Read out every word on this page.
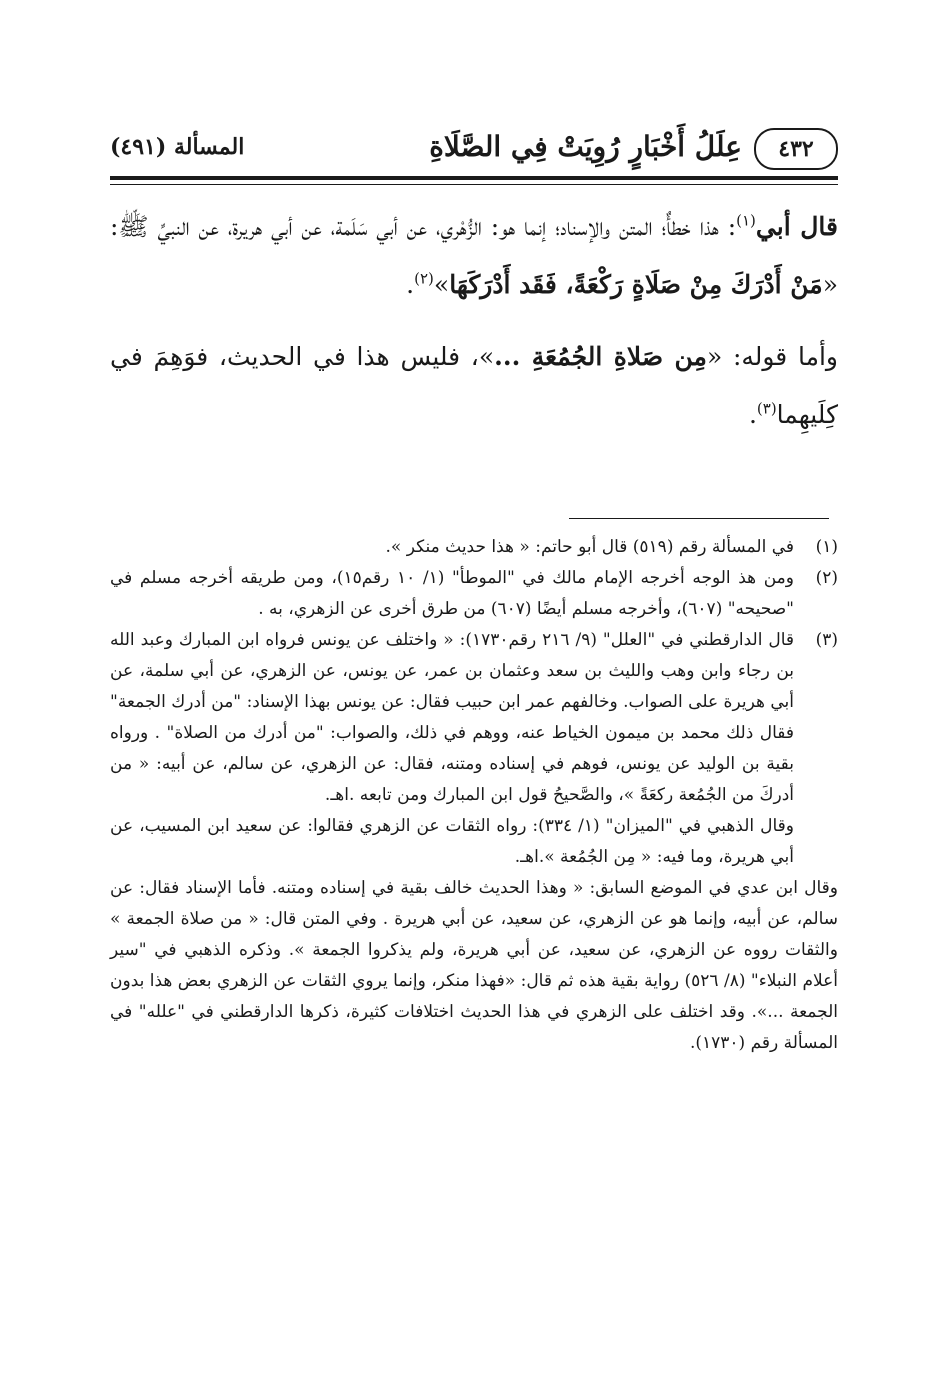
٤٣٢
عِلَلُ أَخْبَارٍ رُوِيَتْ فِي الصَّلَاةِ
المسألة (٤٩١)

قال أبي$^{(١)}$: هذا خطأٌ؛ المتن والإسناد؛ إنما هو: الزُّهْري، عن أبي سَلَمة، عن أبي هريرة، عن النبيِّ ﷺ: «مَنْ أَدْرَكَ مِنْ صَلَاةٍ رَكْعَةً، فَقَد أَدْرَكَهَا»$^{(٢)}$.

وأما قوله: «مِن صَلاةِ الجُمُعَةِ ...»، فليس هذا في الحديث، فوَهِمَ في كِلَيهِما$^{(٣)}$.

(١)

في المسألة رقم (٥١٩) قال أبو حاتم: « هذا حديث منكر ».

(٢)

ومن هذ الوجه أخرجه الإمام مالك في "الموطأ" (١/ ١٠ رقم١٥)، ومن طريقه أخرجه مسلم في "صحيحه" (٦٠٧)، وأخرجه مسلم أيضًا (٦٠٧) من طرق أخرى عن الزهري، به .

(٣)

قال الدارقطني في "العلل" (٩/ ٢١٦ رقم١٧٣٠): « واختلف عن يونس فرواه ابن المبارك وعبد الله بن رجاء وابن وهب والليث بن سعد وعثمان بن عمر، عن يونس، عن الزهري، عن أبي سلمة، عن أبي هريرة على الصواب. وخالفهم عمر ابن حبيب فقال: عن يونس بهذا الإسناد: "من أدرك الجمعة" فقال ذلك محمد بن ميمون الخياط عنه، ووهم في ذلك، والصواب: "من أدرك من الصلاة" . ورواه بقية بن الوليد عن يونس، فوهم في إسناده ومتنه، فقال: عن الزهري، عن سالم، عن أبيه: « من أدركَ من الجُمُعة ركعَةً »، والصَّحيحُ قول ابن المبارك ومن تابعه .اهـ.

وقال الذهبي في "الميزان" (١/ ٣٣٤): رواه الثقات عن الزهري فقالوا: عن سعيد ابن المسيب، عن أبي هريرة، وما فيه: « مِن الجُمُعة ».اهـ.

وقال ابن عدي في الموضع السابق: « وهذا الحديث خالف بقية في إسناده ومتنه. فأما الإسناد فقال: عن سالم، عن أبيه، وإنما هو عن الزهري، عن سعيد، عن أبي هريرة . وفي المتن قال: « من صلاة الجمعة » والثقات رووه عن الزهري، عن سعيد، عن أبي هريرة، ولم يذكروا الجمعة ». وذكره الذهبي في "سير أعلام النبلاء" (٨/ ٥٢٦) رواية بقية هذه ثم قال: «فهذا منكر، وإنما يروي الثقات عن الزهري بعض هذا بدون الجمعة ...». وقد اختلف على الزهري في هذا الحديث اختلافات كثيرة، ذكرها الدارقطني في "علله" في المسألة رقم (١٧٣٠).
